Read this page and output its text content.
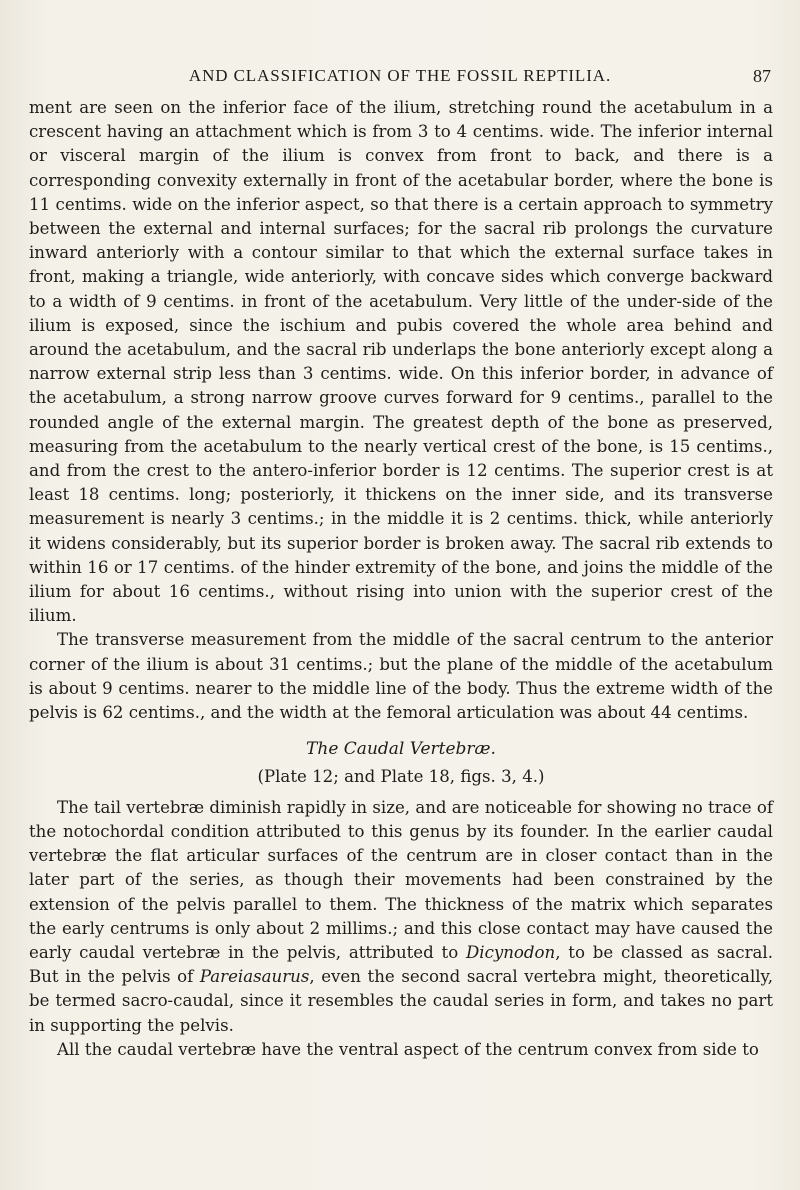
AND CLASSIFICATION OF THE FOSSIL REPTILIA.	87

ment are seen on the inferior face of the ilium, stretching round the acetabulum in a crescent having an attachment which is from 3 to 4 centims. wide. The inferior internal or visceral margin of the ilium is convex from front to back, and there is a corresponding convexity externally in front of the acetabular border, where the bone is 11 centims. wide on the inferior aspect, so that there is a certain approach to symmetry between the external and internal surfaces; for the sacral rib prolongs the curvature inward anteriorly with a contour similar to that which the external surface takes in front, making a triangle, wide anteriorly, with concave sides which converge backward to a width of 9 centims. in front of the acetabulum. Very little of the under-side of the ilium is exposed, since the ischium and pubis covered the whole area behind and around the acetabulum, and the sacral rib underlaps the bone anteriorly except along a narrow external strip less than 3 centims. wide. On this inferior border, in advance of the acetabulum, a strong narrow groove curves forward for 9 centims., parallel to the rounded angle of the external margin. The greatest depth of the bone as preserved, measuring from the acetabulum to the nearly vertical crest of the bone, is 15 centims., and from the crest to the antero-inferior border is 12 centims. The superior crest is at least 18 centims. long; posteriorly, it thickens on the inner side, and its transverse measurement is nearly 3 centims.; in the middle it is 2 centims. thick, while anteriorly it widens considerably, but its superior border is broken away. The sacral rib extends to within 16 or 17 centims. of the hinder extremity of the bone, and joins the middle of the ilium for about 16 centims., without rising into union with the superior crest of the ilium.

The transverse measurement from the middle of the sacral centrum to the anterior corner of the ilium is about 31 centims.; but the plane of the middle of the acetabulum is about 9 centims. nearer to the middle line of the body. Thus the extreme width of the pelvis is 62 centims., and the width at the femoral articulation was about 44 centims.

The Caudal Vertebræ.
(Plate 12; and Plate 18, figs. 3, 4.)

The tail vertebræ diminish rapidly in size, and are noticeable for showing no trace of the notochordal condition attributed to this genus by its founder. In the earlier caudal vertebræ the flat articular surfaces of the centrum are in closer contact than in the later part of the series, as though their movements had been constrained by the extension of the pelvis parallel to them. The thickness of the matrix which separates the early centrums is only about 2 millims.; and this close contact may have caused the early caudal vertebræ in the pelvis, attributed to Dicynodon, to be classed as sacral. But in the pelvis of Pareiasaurus, even the second sacral vertebra might, theoretically, be termed sacro-caudal, since it resembles the caudal series in form, and takes no part in supporting the pelvis.

All the caudal vertebræ have the ventral aspect of the centrum convex from side to
